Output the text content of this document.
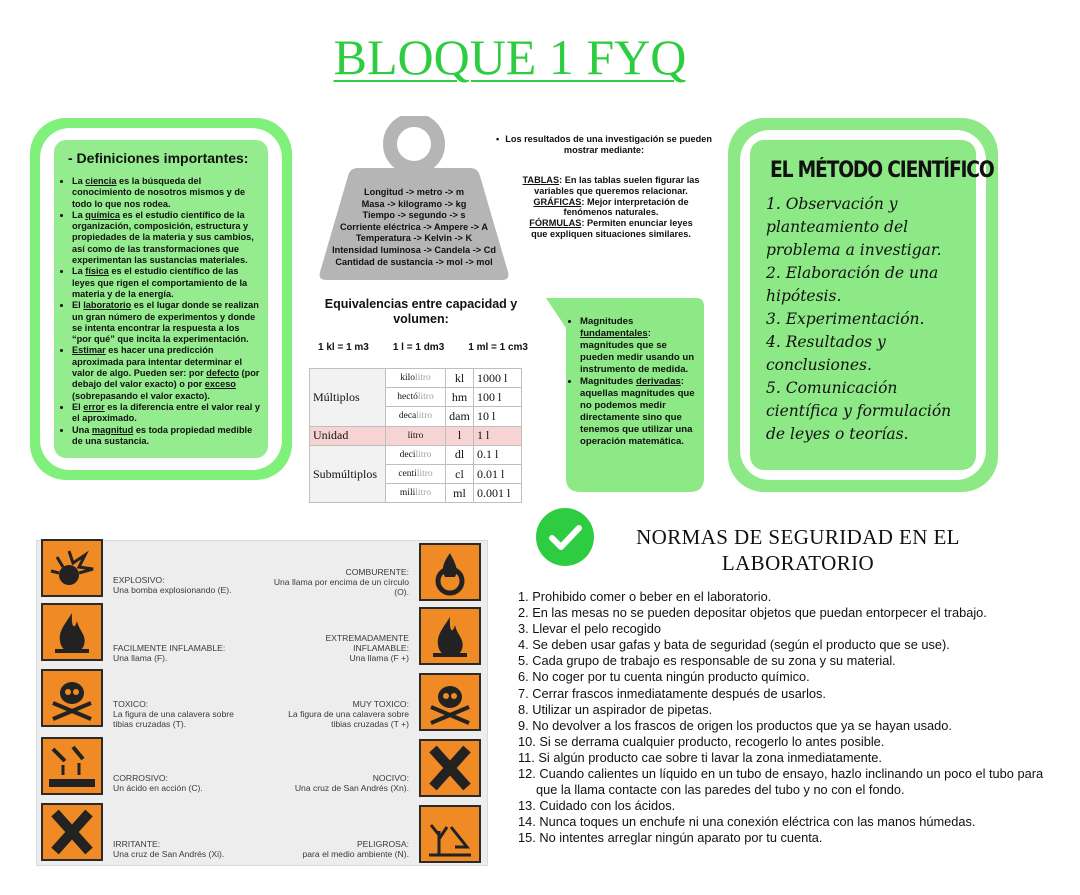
BLOQUE 1 FYQ
- Definiciones importantes:
• La ciencia es la búsqueda del conocimiento de nosotros mismos y de todo lo que nos rodea.
• La química es el estudio científico de la organización, composición, estructura y propiedades de la materia y sus cambios, así como de las transformaciones que experimentan las sustancias materiales.
• La física es el estudio científico de las leyes que rigen el comportamiento de la materia y de la energía.
• El laboratorio es el lugar donde se realizan un gran número de experimentos y donde se intenta encontrar la respuesta a los “por qué” que incita la experimentación.
• Estimar es hacer una predicción aproximada para intentar determinar el valor de algo. Pueden ser: por defecto (por debajo del valor exacto) o por exceso (sobrepasando el valor exacto).
• El error es la diferencia entre el valor real y el aproximado.
• Una magnitud es toda propiedad medible de una sustancia.
Longitud -> metro -> m
Masa -> kilogramo -> kg
Tiempo -> segundo -> s
Corriente eléctrica -> Ampere -> A
Temperatura -> Kelvin -> K
Intensidad luminosa -> Candela -> Cd
Cantidad de sustancia -> mol -> mol
• Los resultados de una investigación se pueden mostrar mediante:
TABLAS: En las tablas suelen figurar las variables que queremos relacionar.
GRÁFICAS: Mejor interpretación de fenómenos naturales.
FÓRMULAS: Permiten enunciar leyes que expliquen situaciones similares.
Equivalencias entre capacidad y volumen:
1 kl = 1 m3 1 l = 1 dm3 1 ml = 1 cm3
Múltiplos	kilolitro	kl	1000 l
	hectólitro	hm	100 l
	decalitro	dam	10 l
Unidad	litro	l	1 l
Submúltiplos	decilitro	dl	0.1 l
	centilitro	cl	0.01 l
	mililitro	ml	0.001 l
• Magnitudes fundamentales: magnitudes que se pueden medir usando un instrumento de medida.
• Magnitudes derivadas: aquellas magnitudes que no podemos medir directamente sino que tenemos que utilizar una operación matemática.
EL MÉTODO CIENTÍFICO
1. Observación y planteamiento del problema a investigar.
2. Elaboración de una hipótesis.
3. Experimentación.
4. Resultados y conclusiones.
5. Comunicación científica y formulación de leyes o teorías.
EXPLOSIVO:
Una bomba explosionando (E).
COMBURENTE:
Una llama por encima de un círculo (O).
FACILMENTE INFLAMABLE:
Una llama (F).
EXTREMADAMENTE INFLAMABLE:
Una llama (F +)
TOXICO:
La figura de una calavera sobre tibias cruzadas (T).
MUY TOXICO:
La figura de una calavera sobre tibias cruzadas (T +)
CORROSIVO:
Un ácido en acción (C).
NOCIVO:
Una cruz de San Andrés (Xn).
IRRITANTE:
Una cruz de San Andrés (Xi).
PELIGROSA:
para el medio ambiente (N).
NORMAS DE SEGURIDAD EN EL LABORATORIO
1. Prohibido comer o beber en el laboratorio.
2. En las mesas no se pueden depositar objetos que puedan entorpecer el trabajo.
3. Llevar el pelo recogido
4. Se deben usar gafas y bata de seguridad (según el producto que se use).
5. Cada grupo de trabajo es responsable de su zona y su material.
6. No coger por tu cuenta ningún producto químico.
7. Cerrar frascos inmediatamente después de usarlos.
8. Utilizar un aspirador de pipetas.
9. No devolver a los frascos de origen los productos que ya se hayan usado.
10. Si se derrama cualquier producto, recogerlo lo antes posible.
11. Si algún producto cae sobre ti lavar la zona inmediatamente.
12. Cuando calientes un líquido en un tubo de ensayo, hazlo inclinando un poco el tubo para que la llama contacte con las paredes del tubo y no con el fondo.
13. Cuidado con los ácidos.
14. Nunca toques un enchufe ni una conexión eléctrica con las manos húmedas.
15. No intentes arreglar ningún aparato por tu cuenta.
